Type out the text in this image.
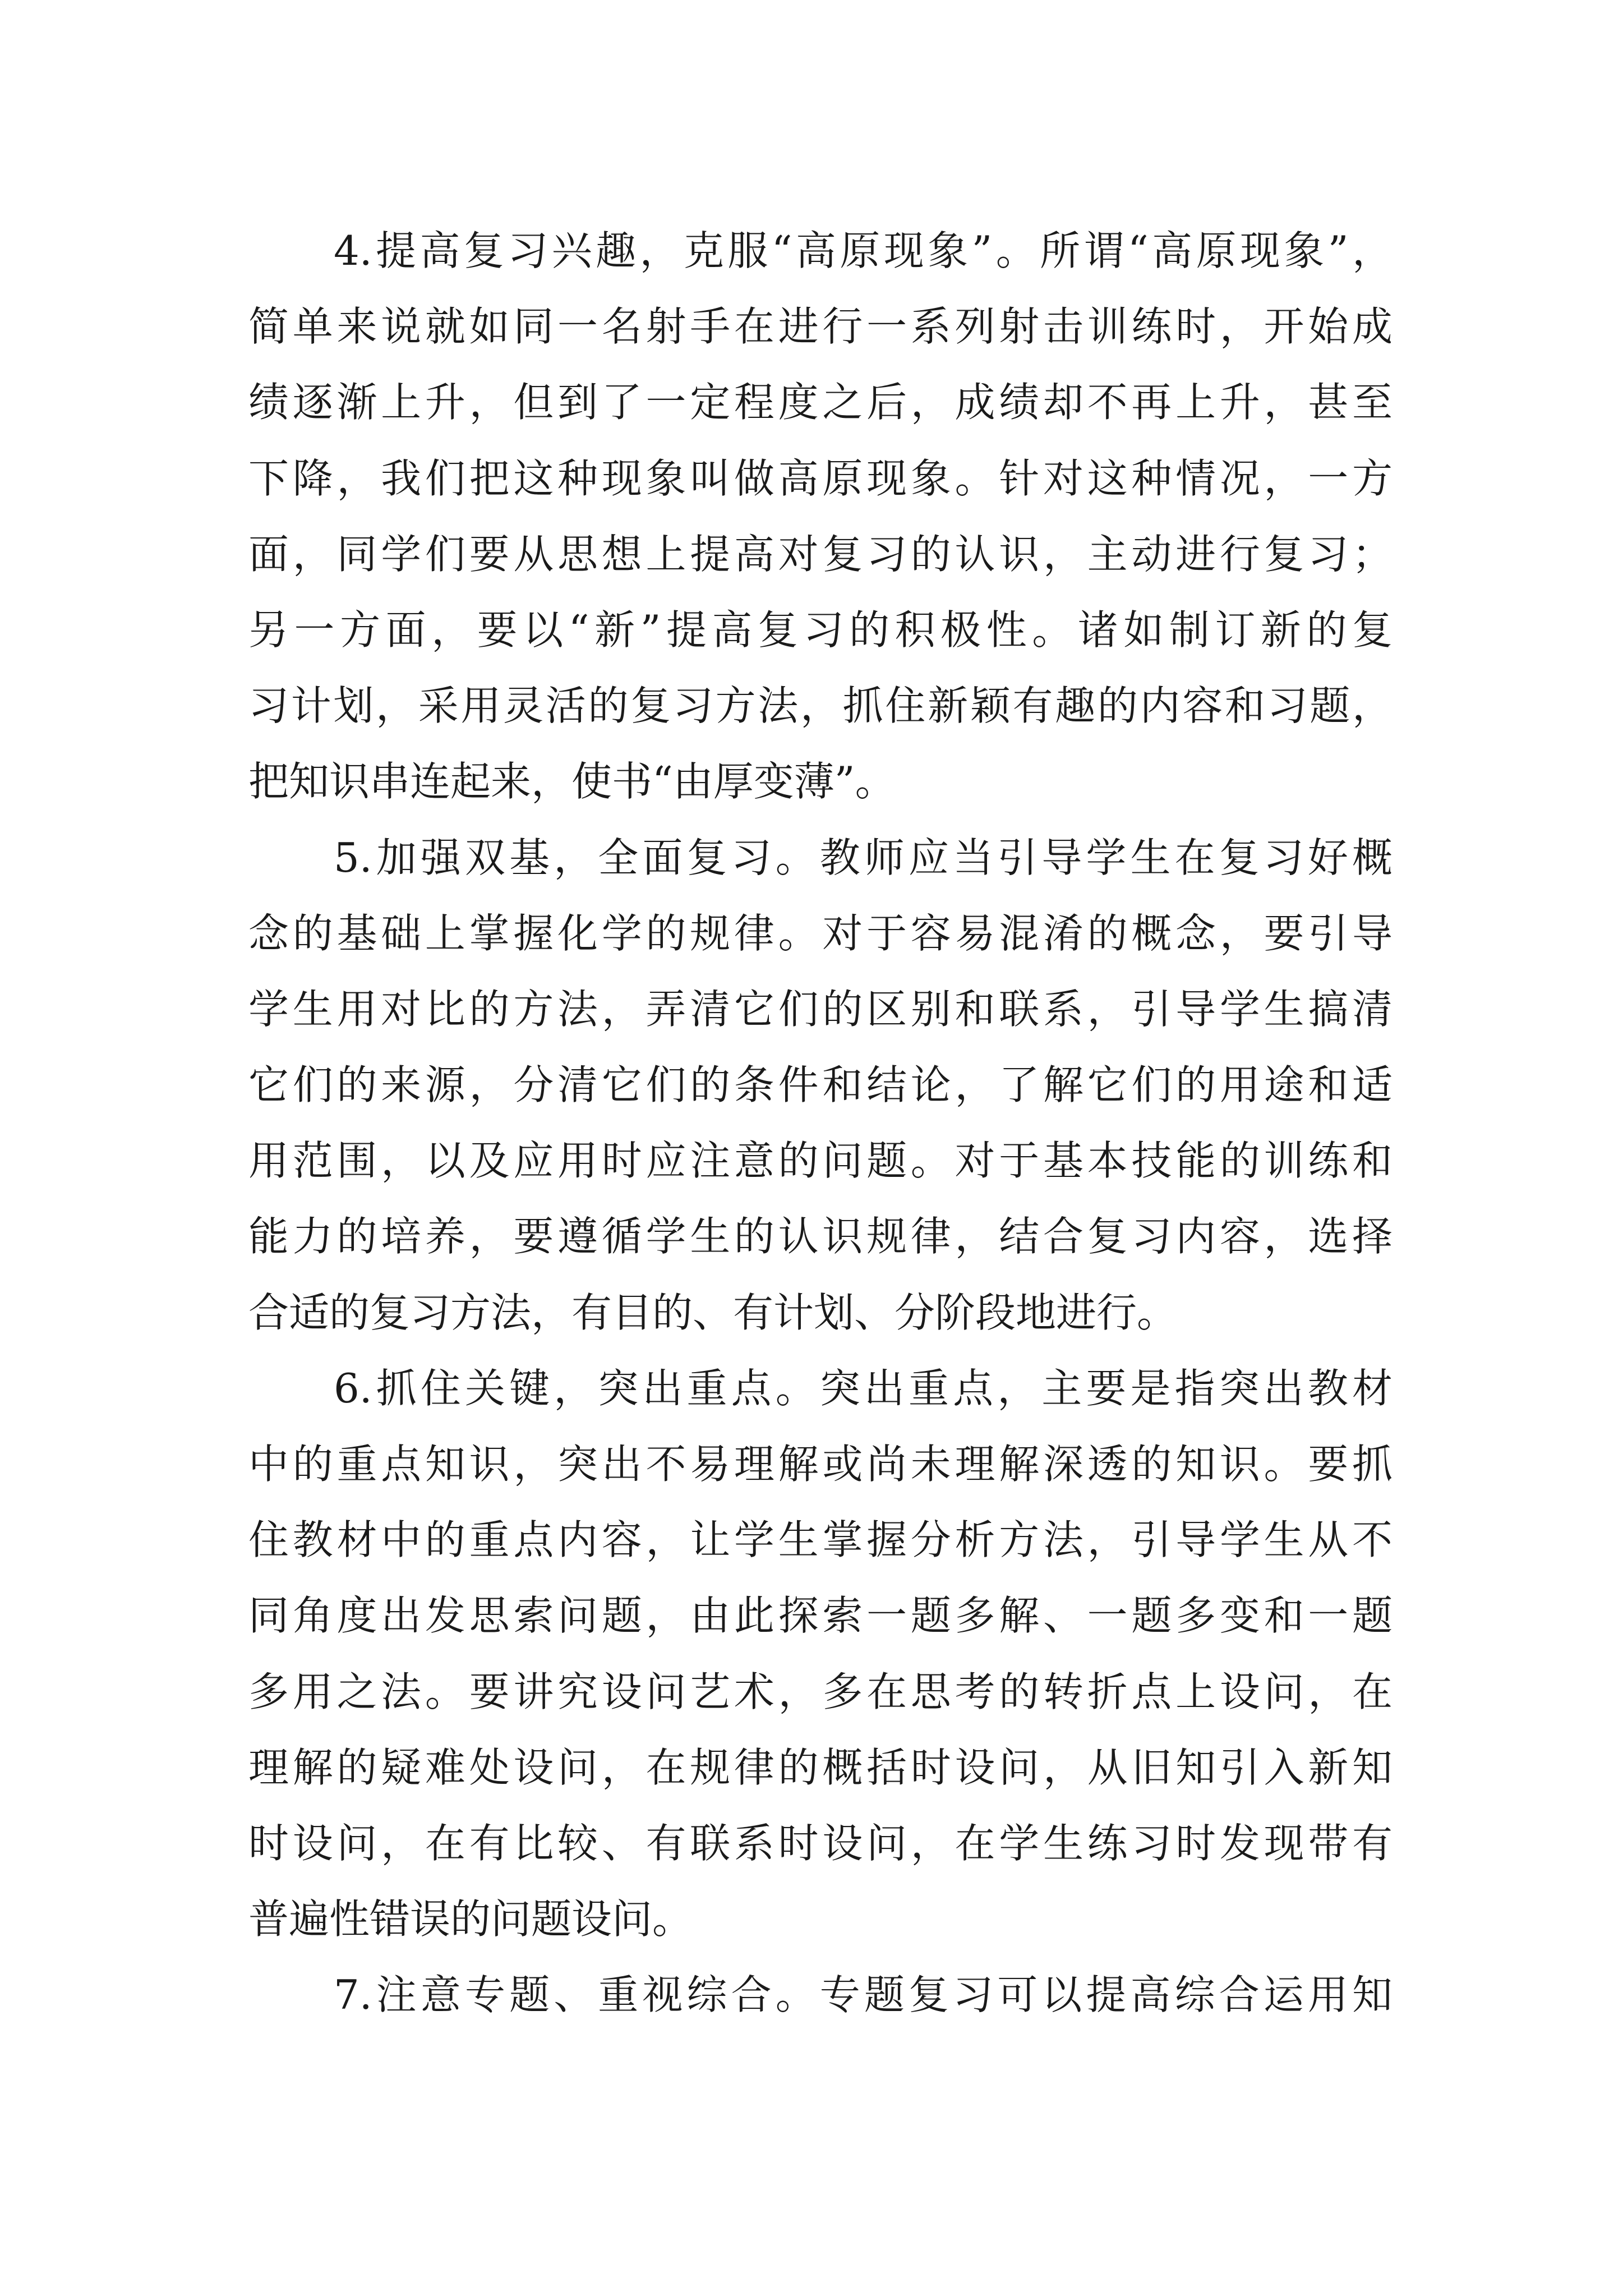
4.提高复习兴趣，克服“高原现象”。所谓“高原现象”，
简单来说就如同一名射手在进行一系列射击训练时，开始成
绩逐渐上升，但到了一定程度之后，成绩却不再上升，甚至
下降，我们把这种现象叫做高原现象。针对这种情况，一方
面，同学们要从思想上提高对复习的认识，主动进行复习；
另一方面，要以“新”提高复习的积极性。诸如制订新的复
习计划，采用灵活的复习方法，抓住新颖有趣的内容和习题，
把知识串连起来，使书“由厚变薄”。

5.加强双基，全面复习。教师应当引导学生在复习好概
念的基础上掌握化学的规律。对于容易混淆的概念，要引导
学生用对比的方法，弄清它们的区别和联系，引导学生搞清
它们的来源，分清它们的条件和结论，了解它们的用途和适
用范围，以及应用时应注意的问题。对于基本技能的训练和
能力的培养，要遵循学生的认识规律，结合复习内容，选择
合适的复习方法，有目的、有计划、分阶段地进行。

6.抓住关键，突出重点。突出重点，主要是指突出教材
中的重点知识，突出不易理解或尚未理解深透的知识。要抓
住教材中的重点内容，让学生掌握分析方法，引导学生从不
同角度出发思索问题，由此探索一题多解、一题多变和一题
多用之法。要讲究设问艺术，多在思考的转折点上设问，在
理解的疑难处设问，在规律的概括时设问，从旧知引入新知
时设问，在有比较、有联系时设问，在学生练习时发现带有
普遍性错误的问题设问。

7.注意专题、重视综合。专题复习可以提高综合运用知
